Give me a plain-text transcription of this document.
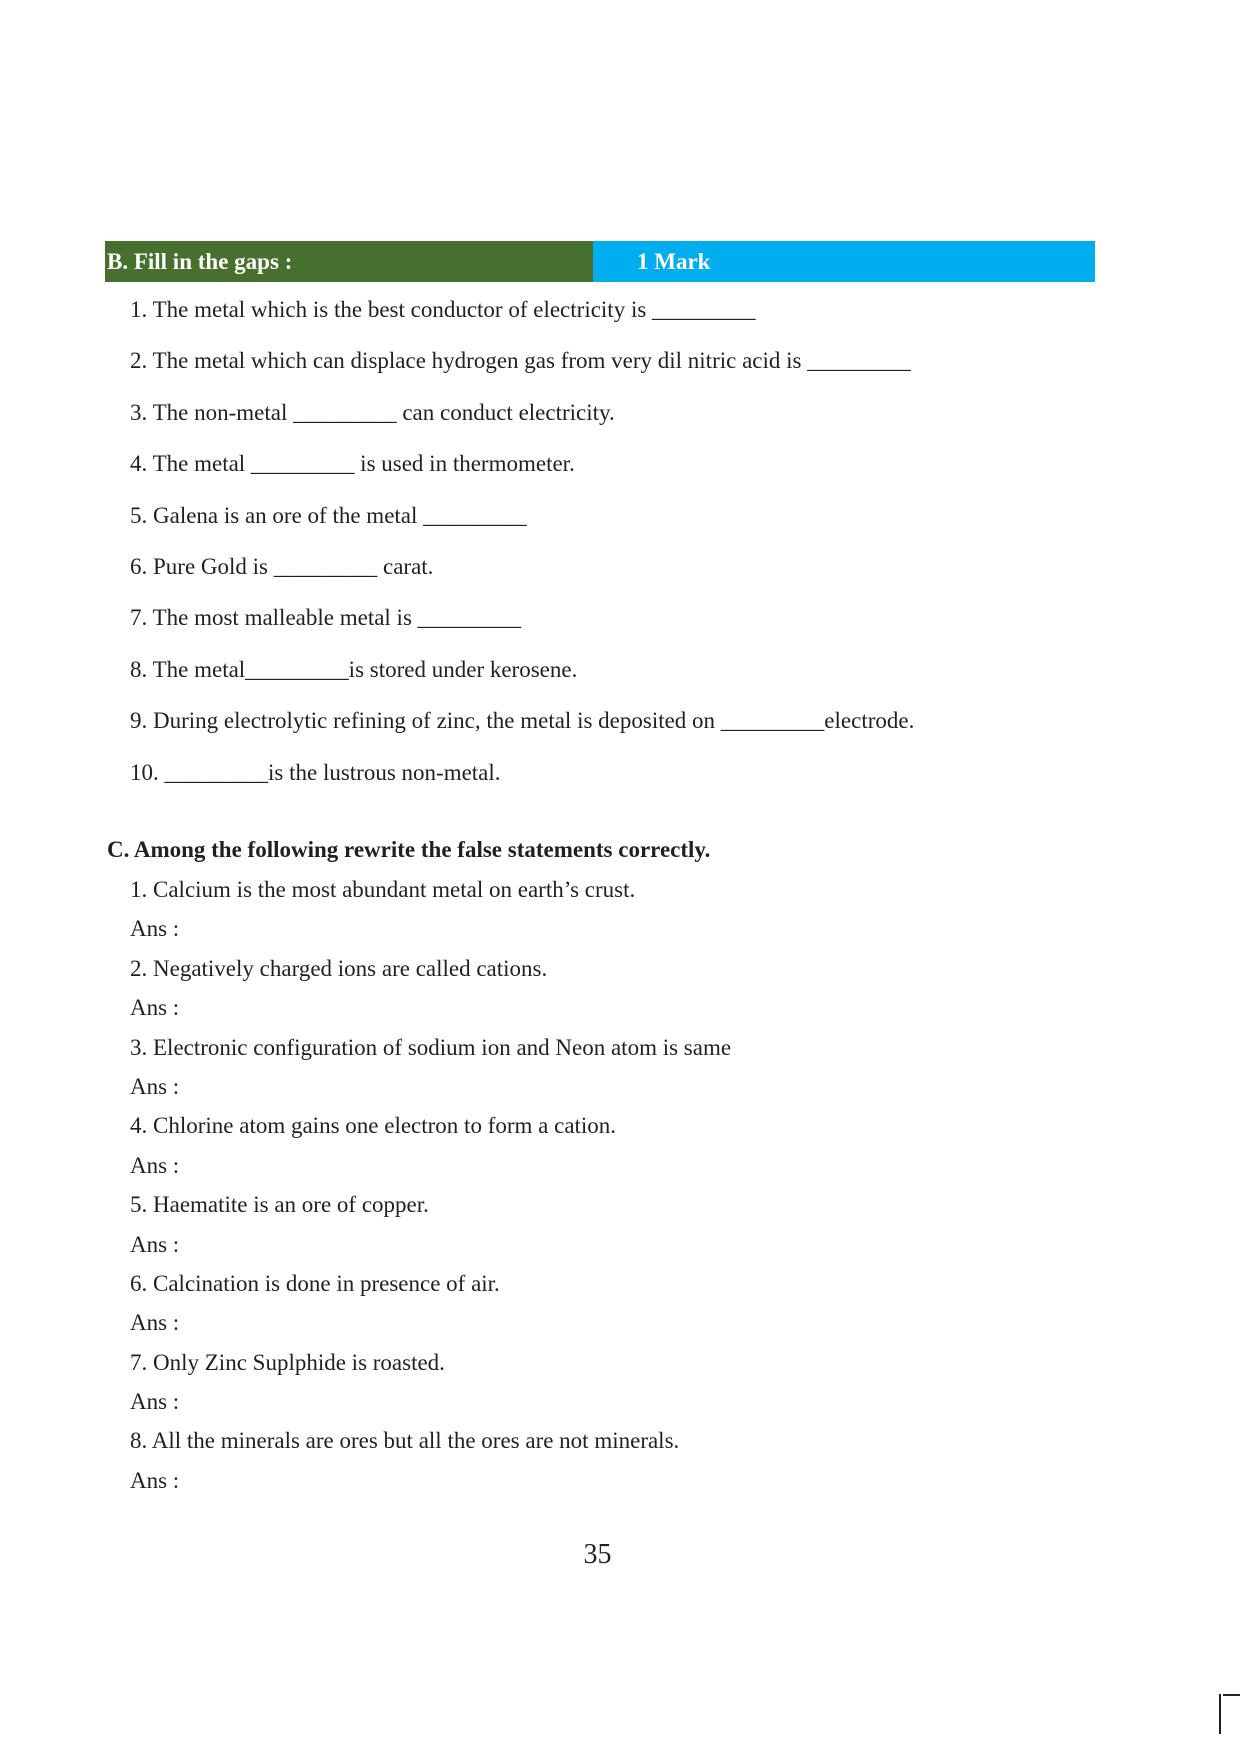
B. Fill in the gaps :	1 Mark
1. The metal which is the best conductor of electricity is _________
2. The metal which can displace hydrogen gas from very dil nitric acid is _________
3. The non-metal _________ can conduct electricity.
4. The metal _________ is used in thermometer.
5. Galena is an ore of the metal _________
6. Pure Gold is _________ carat.
7. The most malleable metal is _________
8. The metal_________is stored under kerosene.
9. During electrolytic refining of zinc, the metal is deposited on _________electrode.
10. _________is the lustrous non-metal.
C. Among the following rewrite the false statements correctly.
1. Calcium is the most abundant metal on earth’s crust.
Ans :
2. Negatively charged ions are called cations.
Ans :
3. Electronic configuration of sodium ion and Neon atom is same
Ans :
4. Chlorine atom gains one electron to form a cation.
Ans :
5. Haematite is an ore of copper.
Ans :
6. Calcination is done in presence of air.
Ans :
7. Only Zinc Suplphide is roasted.
Ans :
8. All the minerals are ores but all the ores are not minerals.
Ans :
35
